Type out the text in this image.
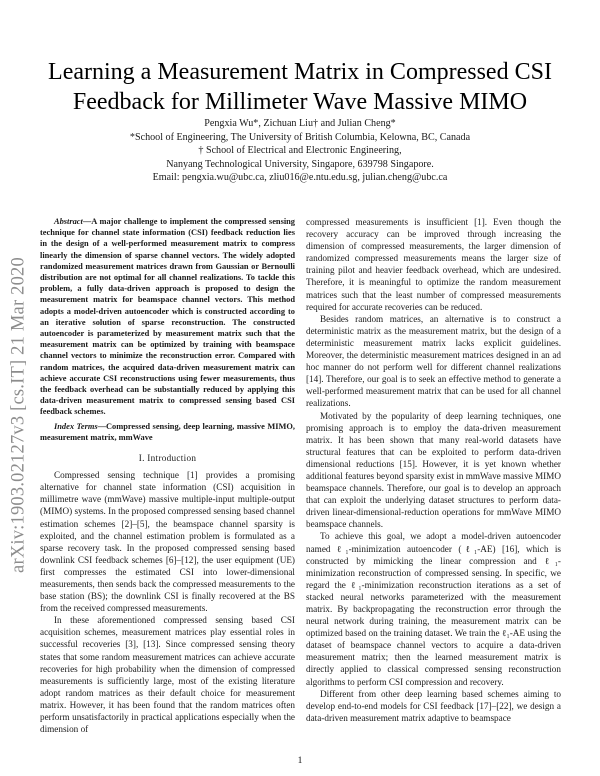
Learning a Measurement Matrix in Compressed CSI Feedback for Millimeter Wave Massive MIMO
Pengxia Wu*, Zichuan Liu† and Julian Cheng*
*School of Engineering, The University of British Columbia, Kelowna, BC, Canada
† School of Electrical and Electronic Engineering,
Nanyang Technological University, Singapore, 639798 Singapore.
Email: pengxia.wu@ubc.ca, zliu016@e.ntu.edu.sg, julian.cheng@ubc.ca
arXiv:1903.02127v3 [cs.IT] 21 Mar 2020

Abstract—A major challenge to implement the compressed sensing technique for channel state information (CSI) feedback reduction lies in the design of a well-performed measurement matrix to compress linearly the dimension of sparse channel vectors. The widely adopted randomized measurement matrices drawn from Gaussian or Bernoulli distribution are not optimal for all channel realizations. To tackle this problem, a fully data-driven approach is proposed to design the measurement matrix for beamspace channel vectors. This method adopts a model-driven autoencoder which is constructed according to an iterative solution of sparse reconstruction. The constructed autoencoder is parameterized by measurement matrix such that the measurement matrix can be optimized by training with beamspace channel vectors to minimize the reconstruction error. Compared with random matrices, the acquired data-driven measurement matrix can achieve accurate CSI reconstructions using fewer measurements, thus the feedback overhead can be substantially reduced by applying this data-driven measurement matrix to compressed sensing based CSI feedback schemes.

Index Terms—Compressed sensing, deep learning, massive MIMO, measurement matrix, mmWave

I. Introduction

Compressed sensing technique [1] provides a promising alternative for channel state information (CSI) acquisition in millimetre wave (mmWave) massive multiple-input multiple-output (MIMO) systems. In the proposed compressed sensing based channel estimation schemes [2]–[5], the beamspace channel sparsity is exploited, and the channel estimation problem is formulated as a sparse recovery task. In the proposed compressed sensing based downlink CSI feedback schemes [6]–[12], the user equipment (UE) first compresses the estimated CSI into lower-dimensional measurements, then sends back the compressed measurements to the base station (BS); the downlink CSI is finally recovered at the BS from the received compressed measurements.

In these aforementioned compressed sensing based CSI acquisition schemes, measurement matrices play essential roles in successful recoveries [3], [13]. Since compressed sensing theory states that some random measurement matrices can achieve accurate recoveries for high probability when the dimension of compressed measurements is sufficiently large, most of the existing literature adopt random matrices as their default choice for measurement matrix. However, it has been found that the random matrices often perform unsatisfactorily in practical applications especially when the dimension of

compressed measurements is insufficient [1]. Even though the recovery accuracy can be improved through increasing the dimension of compressed measurements, the larger dimension of randomized compressed measurements means the larger size of training pilot and heavier feedback overhead, which are undesired. Therefore, it is meaningful to optimize the random measurement matrices such that the least number of compressed measurements required for accurate recoveries can be reduced.

Besides random matrices, an alternative is to construct a deterministic matrix as the measurement matrix, but the design of a deterministic measurement matrix lacks explicit guidelines. Moreover, the deterministic measurement matrices designed in an ad hoc manner do not perform well for different channel realizations [14]. Therefore, our goal is to seek an effective method to generate a well-performed measurement matrix that can be used for all channel realizations.

Motivated by the popularity of deep learning techniques, one promising approach is to employ the data-driven measurement matrix. It has been shown that many real-world datasets have structural features that can be exploited to perform data-driven dimensional reductions [15]. However, it is yet known whether additional features beyond sparsity exist in mmWave massive MIMO beamspace channels. Therefore, our goal is to develop an approach that can exploit the underlying dataset structures to perform data-driven linear-dimensional-reduction operations for mmWave MIMO beamspace channels.

To achieve this goal, we adopt a model-driven autoencoder named ℓ₁-minimization autoencoder (ℓ₁-AE) [16], which is constructed by mimicking the linear compression and ℓ₁-minimization reconstruction of compressed sensing. In specific, we regard the ℓ₁-minimization reconstruction iterations as a set of stacked neural networks parameterized with the measurement matrix. By backpropagating the reconstruction error through the neural network during training, the measurement matrix can be optimized based on the training dataset. We train the ℓ₁-AE using the dataset of beamspace channel vectors to acquire a data-driven measurement matrix; then the learned measurement matrix is directly applied to classical compressed sensing reconstruction algorithms to perform CSI compression and recovery.

Different from other deep learning based schemes aiming to develop end-to-end models for CSI feedback [17]–[22], we design a data-driven measurement matrix adaptive to beamspace

1
